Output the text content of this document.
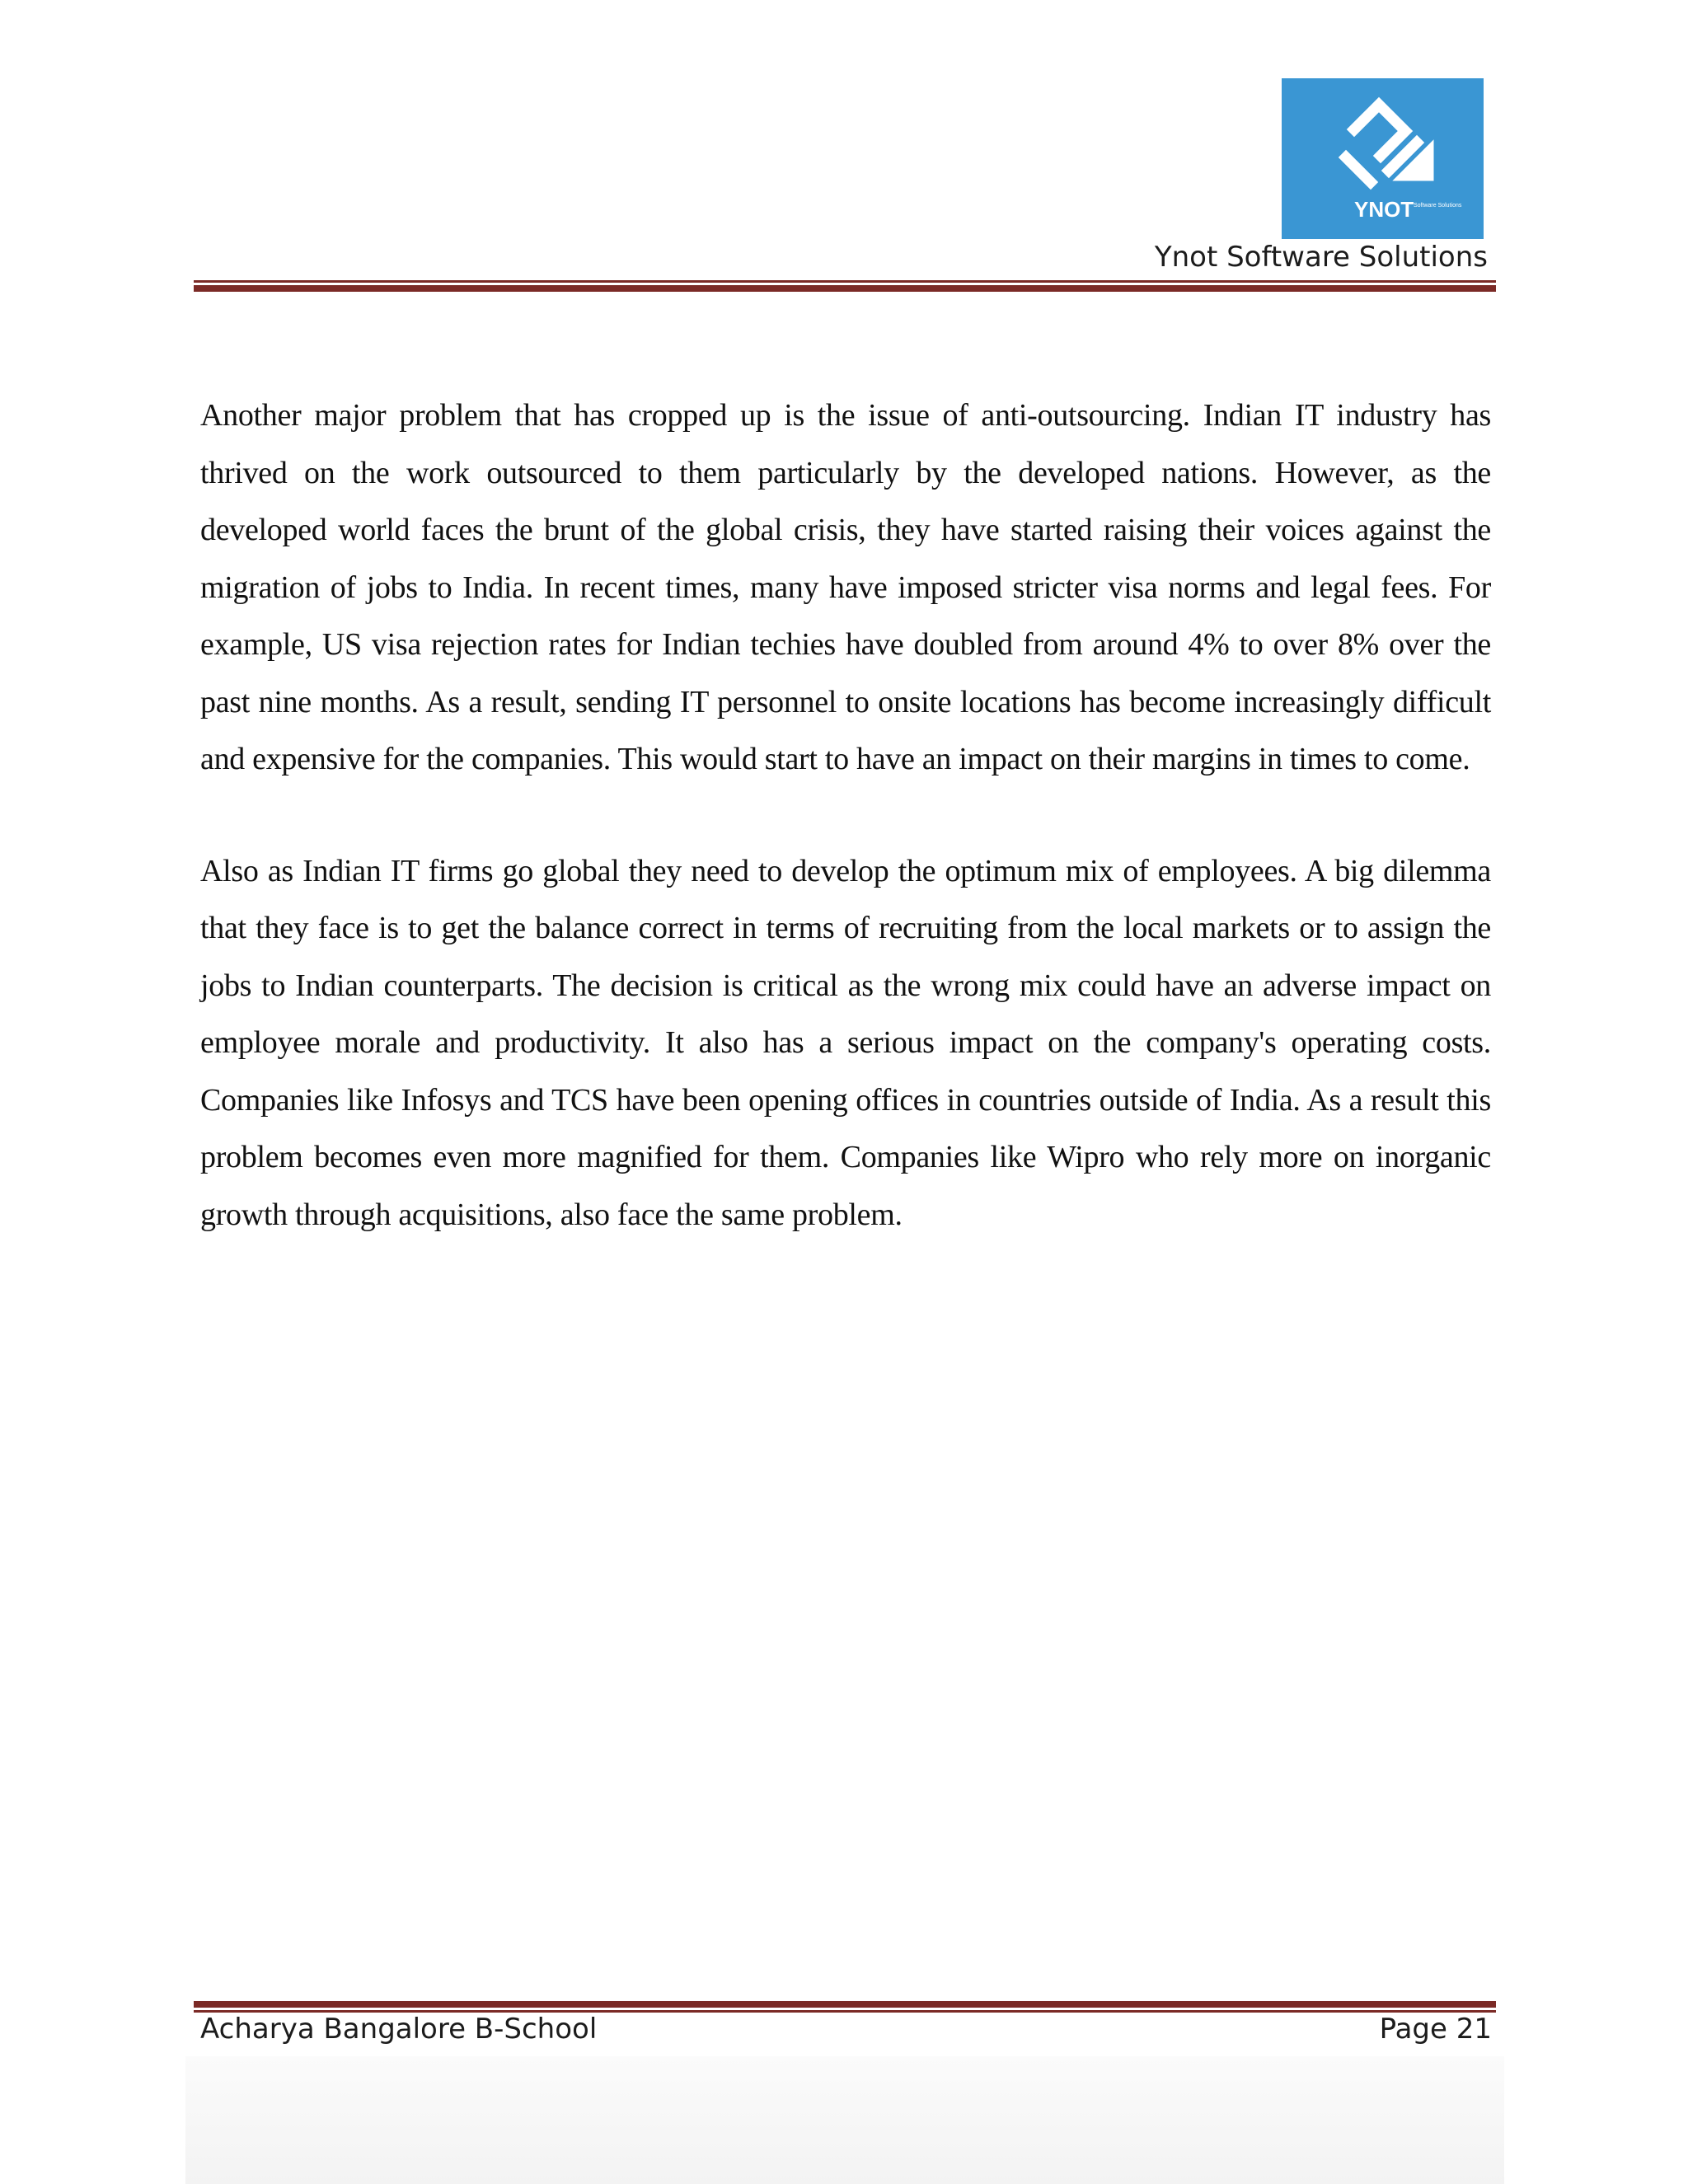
YNOT Software Solutions
Ynot Software Solutions

Another major problem that has cropped up is the issue of anti-outsourcing. Indian IT industry has thrived on the work outsourced to them particularly by the developed nations. However, as the developed world faces the brunt of the global crisis, they have started raising their voices against the migration of jobs to India. In recent times, many have imposed stricter visa norms and legal fees. For example, US visa rejection rates for Indian techies have doubled from around 4% to over 8% over the past nine months. As a result, sending IT personnel to onsite locations has become increasingly difficult and expensive for the companies. This would start to have an impact on their margins in times to come.

Also as Indian IT firms go global they need to develop the optimum mix of employees. A big dilemma that they face is to get the balance correct in terms of recruiting from the local markets or to assign the jobs to Indian counterparts. The decision is critical as the wrong mix could have an adverse impact on employee morale and productivity. It also has a serious impact on the company's operating costs. Companies like Infosys and TCS have been opening offices in countries outside of India. As a result this problem becomes even more magnified for them. Companies like Wipro who rely more on inorganic growth through acquisitions, also face the same problem.

Acharya Bangalore B-School	Page 21
